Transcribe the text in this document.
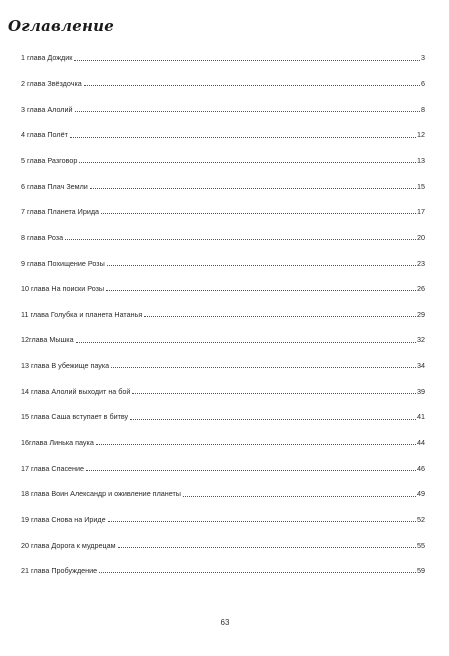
Оглавление
1 глава Дождик	3
2 глава Звёздочка	6
3 глава Алолий	8
4 глава Полёт	12
5 глава Разговор	13
6 глава Плач Земли	15
7 глава Планета Ирида	17
8 глава Роза	20
9 глава Похищение Розы	23
10 глава На поиски Розы	26
11 глава Голубка и планета Натанья	29
12глава Мышка	32
13 глава В убежище паука	34
14 глава Алолий выходит на бой	39
15 глава Саша вступает в битву	41
16глава Линька паука	44
17 глава Спасение	46
18 глава Воин Александр и оживление планеты	49
19 глава Снова на Ириде	52
20 глава Дорога к мудрецам	55
21 глава Пробуждение	59
63
